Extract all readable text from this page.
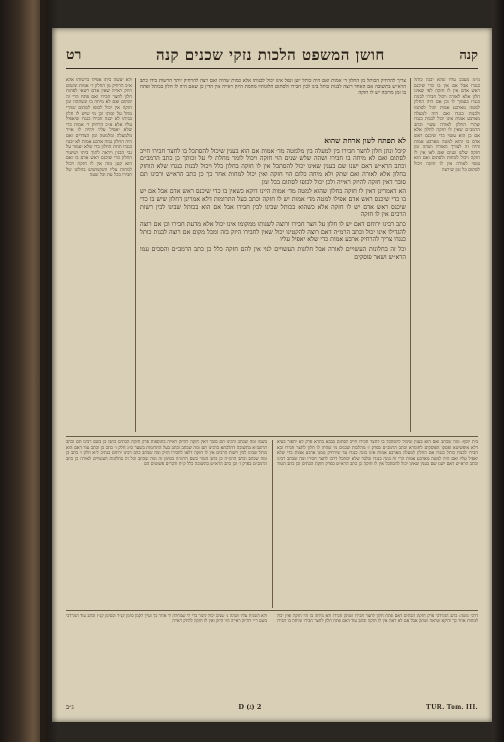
רט	חושן המשפט הלכות נזקי שכנים קנה	קנה

ולא יעשה ביתו אפילו ברשותו אלא א״כ הרחיק מן החלון ד׳ אמות ומשום היזק ראייה שאין אדם רשאי לפתוח חלון לחצר חבירו ואם פתח הרי זה יסתום ואם לא מיחה בו ונשתהה זמן חזקה אין יכול לכופו לסתום שהרי מחל על זכותו וכן מי שיש לו חלון בביתו לא יבנה חבירו כנגדו שיאפיל עליו אלא א״כ הרחיק ד׳ אמות כדי שלא יאפיל עליו ויהיה לו אויר מלמעלה ומלמטה ומן הצדדים ואם היה החלון גבוה ארבע אמות לא יבנה כנגדו תחת החלון כדי שלא יעמוד על גבי הבנין ויראה לתוך ביתו ושיעור החלון כדי שיכנס ראש אדם בו ואם הוא קטן מזה אין לו חזקה ויכול למחות עליו והמשתמש בחלונו של חבירו בכל עת וכל שעה

צריך להרחיק הכותל מן החלון ד׳ אמות ואם היה כותל ישן ונפל אינו יכול לבנותו אלא כמות שהיה ואם רצה להרחיק יותר הרשות בידו כתב הרא״ש בתשובה אם האחד רוצה לבנות כותל בינו לבין חבירו ולסתום חלונותיו מחמת היזק ראייה אין הדין כן שאם היה לו חלון בכותל ופתח בו זמן מרובה יש לו חזקה

לא תפתח לשון ארחת שהוא

קיבל ונתן חלון לחצר חבירו בין למעלה בין מלמטה מד׳ אמות אם הוא בענין שיכול להסתכל בו לחצר חבירו חייב לסתום ואם לא מיחה בו חבירו ושהה שלש שנים הוי חזקה ויכול לומר מחלת לי על זכותך כן כתב הרמב״ם וכתב הרא״ש דאם ישנו שם בענין שאינו יכול להסתכל אין לו חזקה בחלון כלל ויכול לבנות כנגדו שלא הוחזק בחלון אלא לאורה ואם שתק ולא מיחה כלום הוי חזקה ואין יכול למחות אחר כך כן כתב הרא״ש ורבינו תם סובר דאין חזקה להיזק ראייה ולכן יכול לכופו לסתום בכל זמן

הא דאמרינן דאין לו חזקה בחלון שהוא למטה מד׳ אמות היינו דוקא כשאין בו כדי שיכנס ראש אדם אבל אם יש בו כדי שיכנס ראש אדם אפילו למטה מד׳ אמות יש לו חזקה וכתב בעל התרומות דלא אמרינן דחלון שיש בו כדי שיכנס ראש אדם יש לו חזקה אלא כשהוא בכותל שבינו לבין חבירו אבל אם הוא בכותל שבינו לבין רשות הרבים אין לו חזקה

כתב רבינו ירוחם דאם יש לו חלון על חצר חבירו ורוצה לשנותו ממקומו אינו יכול אלא מדעת חבירו וכן אם רוצה להגדילו אינו יכול וכתב הרמ״ה דאם רוצה להקטינו יכול שאין לחבירו היזק בזה ומכל מקום אם רוצה לבנות כותל כנגדו צריך להרחיק ארבע אמות כדי שלא יאפיל עליו

וכל זה בחלונות העשויים לאורה אבל חלונות העשויים לנוי אין להם חזקה כלל כן כתב הרמב״ם והסכים עמו הרא״ש ושאר פוסקים

מ״מ מעכב עליו שלא יבנה כותל כנגדו אבל אם אין בו כדי שיכנס ראש אדם אין לו חזקה לפי שאינו חלון אלא לאורה ויכול חבירו לבנות כנגדו בסמוך לו וכן אם היה החלון למטה מארבע אמות יכול לסתמו ולבנות כנגדו ואם היה למעלה מארבע אמות אינו יכול לבנות כנגדו שהרי החלון לאורה עשוי וכתב הרמב״ם שאין לו חזקה לחלון אלא אם כן הוא עשוי כדי שיכנס ראש אדם בו והוא למטה מארבע אמות והיה זה לצורך האורה ושהה זמן חזקה שלש שנים ואם לאו אין לו חזקה ויכול למחות ולסתום ואם הוא עשוי לאורה אין לו חזקה ויכול לסתום כל זמן שירצה

בית יוסף: ומה שכתב ואם הוא בענין שיכול להסתכל בו לחצר חבירו חייב לסתום בבבא בתרא פרק לא יחפור בעיא דלא איפשיטא ופסקו הפוסקים לחומרא וכתב הרמב״ם בפרק ז׳ מהלכות שכנים מי שהיה לו חלון לחצר חבירו ובא חבירו לבנות כותל כנגדו אם החלון למעלה מארבע אמות אינו בונה כנגדו עד שירחיק ממנו ארבע אמות כדי שלא יאפיל עליו ואם היה למטה מארבע אמות הרי זה בונה כנגדו ובלבד שלא יסתכל דרכו לחצר חבירו ומה שכתב רבינו וכתב הרא״ש דאם ישנו שם בענין שאינו יכול להסתכל אין לו חזקה כן כתב הרא״ש בפרק חזקת הבתים וכן כתב הטור בשמו ומה שכתב ורבינו תם סובר דאין חזקה להיזק ראייה בתוספות פרק חזקת הבתים כתבו כן בשם רבינו תם וכתב הרשב״א בתשובה דהלכתא כרבינו תם ומה שכתב וכתב בעל התרומות בשער ס״ג חלק ו׳ כתב כן וכתב עוד דאם הוא כותל שבינו לבין רשות הרבים אין לו חזקה דלאו לחבירו הזיק ומה שכתב כתב רבינו ירוחם בנתיב ל״א חלק ו׳ כתב כן ומה שכתב וכתב הרמ״ה כן כתב הטור בשם הרמ״ה בסימן זה ומה שכתב וכל זה בחלונות העשויים לאורה כן כתב הרמב״ם בפרק ז׳ וכן כתב הרא״ש בתשובה כלל ק״ח ודברים פשוטים הם

דרכי משה: כתב המרדכי פרק חזקת הבתים דאם פתח חלון לחצר חבירו ושתק חבירו ולא מיחה בו הוי חזקה ואין יכול למחות אחר כך ודוקא שראה ושתק אבל אם לא ראה אין לו חזקה וכתב עוד דאם פתח חלון לחצר חבירו ומיחה בו חבירו ולא השגיח עליו ושהה ג׳ שנים יכול לומר ברי לי שמחלת לי אחר כך ועיין לקמן סימן קנ״ד ובסימן קנ״ז וכתב עוד המרדכי בשם ר״י דהיזק ראייה הוי היזק ואין לו חזקה להיזק ראייה

ג״ב	D (ג) 2	TUR. Tom. III.
